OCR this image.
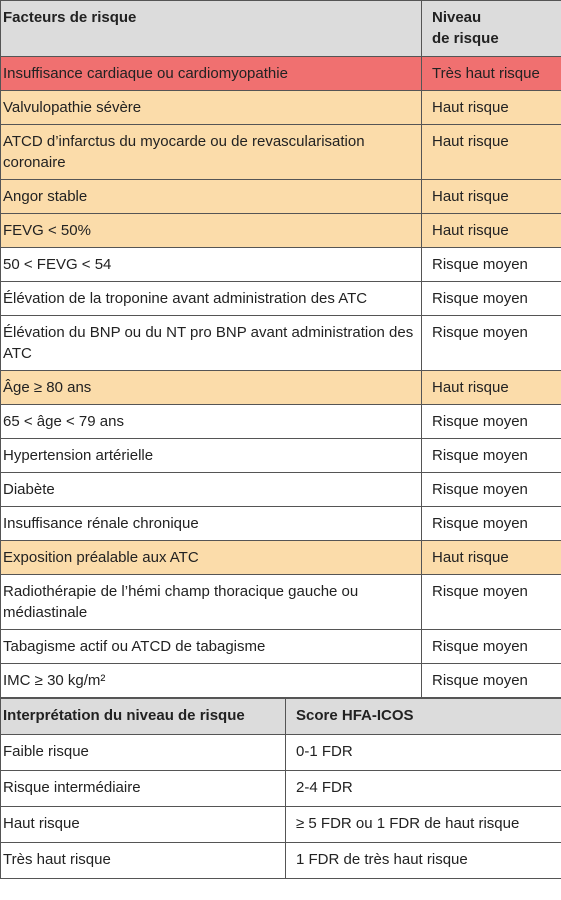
Facteurs de risque	Niveau
de risque
Insuffisance cardiaque ou cardiomyopathie	Très haut risque
Valvulopathie sévère	Haut risque
ATCD d’infarctus du myocarde ou de revascularisation coronaire	Haut risque
Angor stable	Haut risque
FEVG < 50%	Haut risque
50 < FEVG < 54	Risque moyen
Élévation de la troponine avant administration des ATC	Risque moyen
Élévation du BNP ou du NT pro BNP avant administration des ATC	Risque moyen
Âge ≥ 80 ans	Haut risque
65 < âge < 79 ans	Risque moyen
Hypertension artérielle	Risque moyen
Diabète	Risque moyen
Insuffisance rénale chronique	Risque moyen
Exposition préalable aux ATC	Haut risque
Radiothérapie de l’hémi champ thoracique gauche ou médiastinale	Risque moyen
Tabagisme actif ou ATCD de tabagisme	Risque moyen
IMC ≥ 30 kg/m²	Risque moyen
Interprétation du niveau de risque	Score HFA-ICOS
Faible risque	0-1 FDR
Risque intermédiaire	2-4 FDR
Haut risque	≥ 5 FDR ou 1 FDR de haut risque
Très haut risque	1 FDR de très haut risque
